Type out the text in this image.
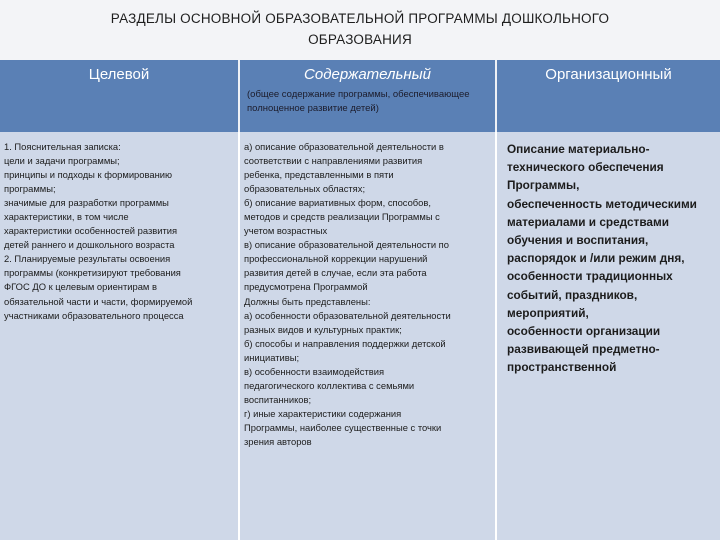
РАЗДЕЛЫ ОСНОВНОЙ ОБРАЗОВАТЕЛЬНОЙ ПРОГРАММЫ ДОШКОЛЬНОГО
ОБРАЗОВАНИЯ
Целевой	Содержательный
(общее содержание программы, обеспечивающее полноценное развитие детей)
Организационный
1. Пояснительная записка:
цели и задачи программы;
принципы и подходы к формированию
программы;
значимые для разработки программы
характеристики, в том числе
характеристики особенностей развития
детей раннего и дошкольного возраста
2. Планируемые результаты освоения
программы (конкретизируют требования
ФГОС ДО к целевым ориентирам в
обязательной части и части, формируемой
участниками образовательного процесса
а) описание образовательной деятельности в
соответствии с направлениями развития
ребенка, представленными в пяти
образовательных областях;
б) описание вариативных форм, способов,
методов и средств реализации Программы с
учетом возрастных
в) описание образовательной деятельности по
профессиональной коррекции нарушений
развития детей в случае, если эта работа
предусмотрена Программой
Должны быть представлены:
а) особенности образовательной деятельности
разных видов и культурных практик;
б) способы и направления поддержки детской
инициативы;
в) особенности взаимодействия
педагогического коллектива с семьями
воспитанников;
г) иные характеристики содержания
Программы, наиболее существенные с точки
зрения авторов
Описание материально-
технического обеспечения
Программы,
обеспеченность методическими
материалами и средствами
обучения и воспитания,
распорядок и /или режим дня,
особенности традиционных
событий, праздников,
мероприятий,
особенности организации
развивающей предметно-
пространственной
